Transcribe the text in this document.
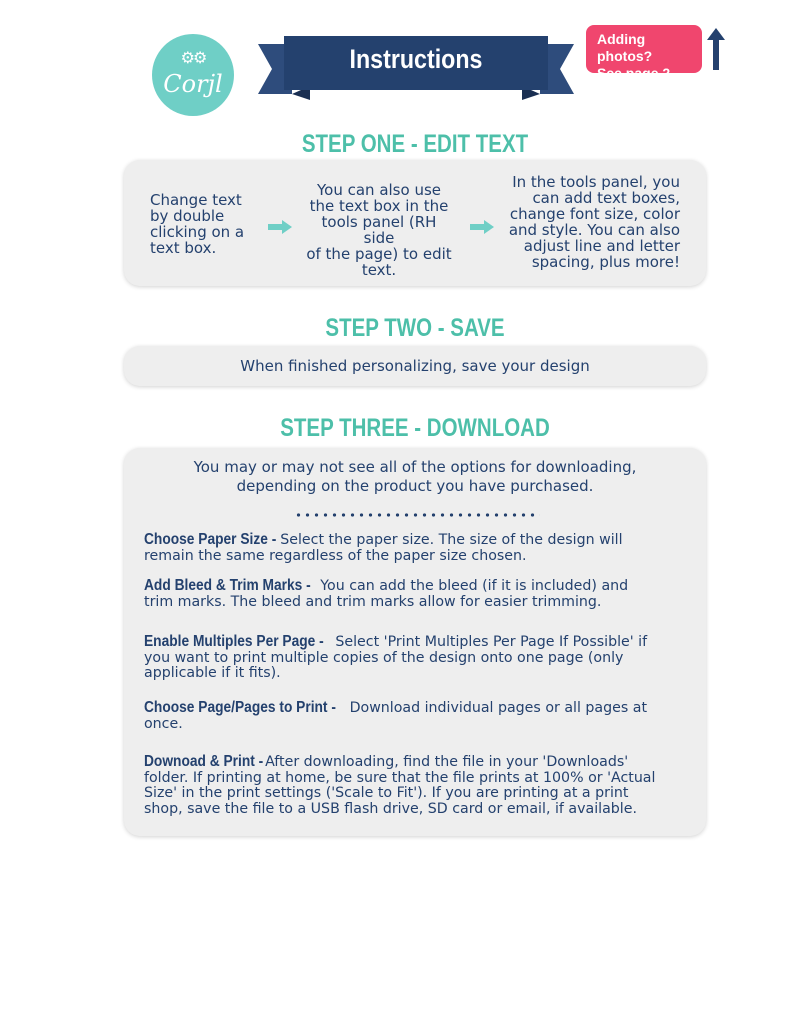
⚙⚙
Corjl
Instructions
Adding photos?
See page 2.
STEP ONE - EDIT TEXT
Change text
by double
clicking on a
text box.
You can also use
the text box in the
tools panel (RH side
of the page) to edit
text.
In the tools panel, you
can add text boxes,
change font size, color
and style. You can also
adjust line and letter
spacing, plus more!
STEP TWO - SAVE
When finished personalizing, save your design
STEP THREE - DOWNLOAD
You may or may not see all of the options for downloading,
depending on the product you have purchased.
Choose Paper Size - Select the paper size. The size of the design will
remain the same regardless of the paper size chosen.
Add Bleed & Trim Marks - You can add the bleed (if it is included) and
trim marks. The bleed and trim marks allow for easier trimming.
Enable Multiples Per Page - Select 'Print Multiples Per Page If Possible' if
you want to print multiple copies of the design onto one page (only
applicable if it fits).
Choose Page/Pages to Print - Download individual pages or all pages at
once.
Downoad & Print - After downloading, find the file in your 'Downloads'
folder. If printing at home, be sure that the file prints at 100% or 'Actual
Size' in the print settings ('Scale to Fit'). If you are printing at a print
shop, save the file to a USB flash drive, SD card or email, if available.
